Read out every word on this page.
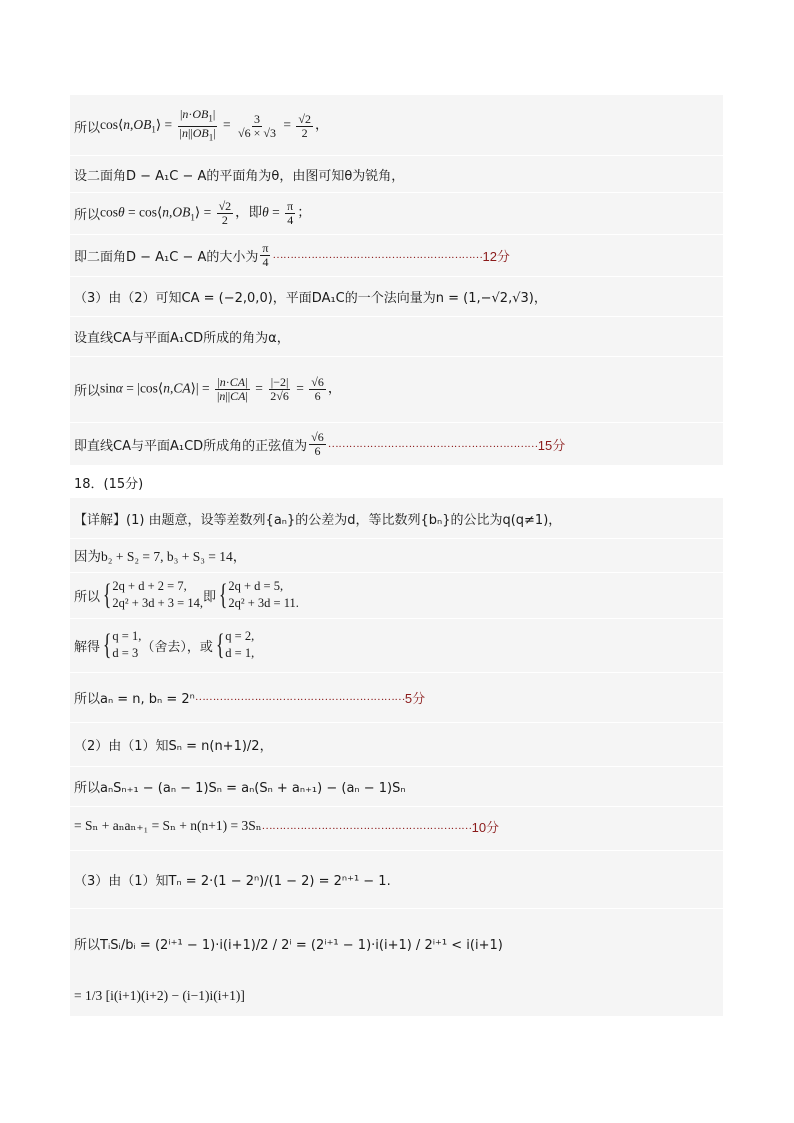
所以 $\cos⟨n,OB_1⟩ = \frac{|n\cdot OB_1|}{|n||OB_1|} = \frac{3}{√6 \times √3} = \frac{√2}{2}$ ，
设二面角D − A₁C − A的平面角为θ，由图可知θ为锐角，
所以 $\cos\theta = \cos⟨n,OB_1⟩ = \frac{√2}{2}$ ，即$\theta = \frac{\pi}{4}$ ；
即二面角D − A₁C − A的大小为 $\frac{\pi}{4}$ …………………………………………………… 12分
（3）由（2）可知CA = (−2,0,0)，平面DA₁C的一个法向量为n = (1,−√2,√3)，
设直线CA与平面A₁CD所成的角为α，
所以 sinα = |cos⟨n,CA⟩| = $\frac{|n\cdot CA|}{|n||CA|} = \frac{|-2|}{2√6} = \frac{√6}{6}$ ，
即直线CA与平面A₁CD所成角的正弦值为 $\frac{√6}{6}$ …………………………………………………… 15分
18．(15分)
【详解】(1) 由题意，设等差数列{aₙ}的公差为d，等比数列{bₙ}的公比为q(q≠1)，
因为b₂ + S₂ = 7, b₃ + S₃ = 14，
所以 { 2q + d + 2 = 7,
2q² + 3d + 3 = 14, 即 { 2q + d = 5,
2q² + 3d = 11.
解得 { q = 1,
d = 3 （舍去），或 { q = 2,
d = 1,
所以aₙ = n, bₙ = 2ⁿ …………………………………………………… 5分
（2）由（1）知Sₙ = n(n+1)/2，
所以aₙSₙ₊₁ − (aₙ − 1)Sₙ = aₙ(Sₙ + aₙ₊₁) − (aₙ − 1)Sₙ
= Sₙ + aₙaₙ₊₁ = Sₙ + n(n+1) = 3Sₙ …………………………………………………… 10分
（3）由（1）知Tₙ = 2·(1 − 2ⁿ)/(1 − 2) = 2ⁿ⁺¹ − 1.
所以TᵢSᵢ/bᵢ = (2ⁱ⁺¹ − 1)·i(i+1)/2 / 2ⁱ = (2ⁱ⁺¹ − 1)·i(i+1) / 2ⁱ⁺¹ < i(i+1)
= 1/3 [i(i+1)(i+2) − (i−1)i(i+1)]
